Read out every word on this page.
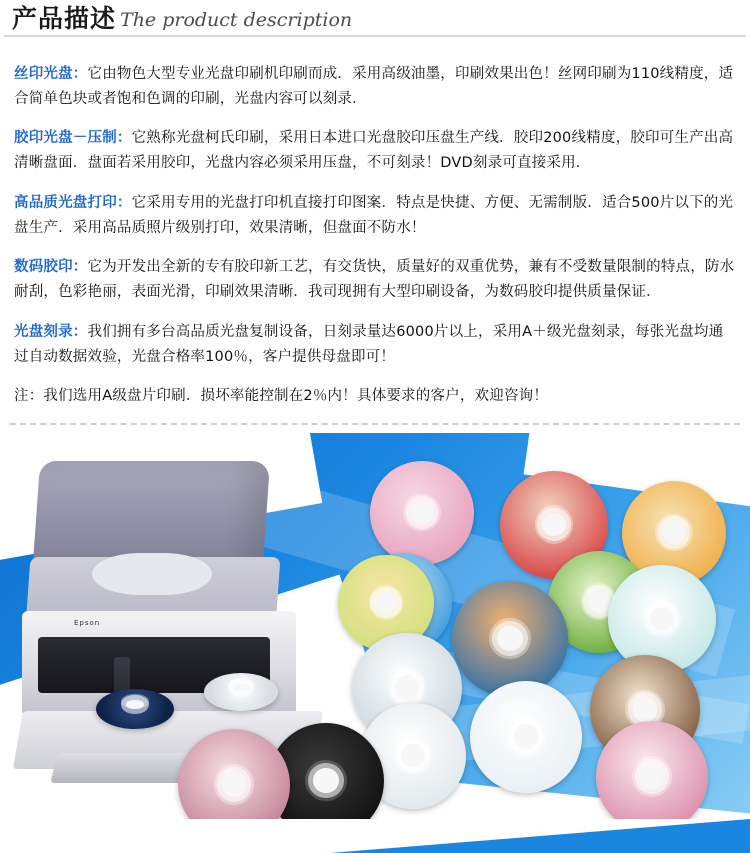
产品描述 The product description

丝印光盘：它由物色大型专业光盘印刷机印刷而成．采用高级油墨，印刷效果出色！丝网印刷为110线精度，适合简单色块或者饱和色调的印刷，光盘内容可以刻录．

胶印光盘－压制：它熟称光盘柯氏印刷，采用日本进口光盘胶印压盘生产线．胶印200线精度，胶印可生产出高清晰盘面．盘面若采用胶印，光盘内容必须采用压盘，不可刻录！DVD刻录可直接采用．

高品质光盘打印：它采用专用的光盘打印机直接打印图案．特点是快捷、方便、无需制版．适合500片以下的光盘生产．采用高品质照片级别打印，效果清晰，但盘面不防水！

数码胶印：它为开发出全新的专有胶印新工艺，有交货快，质量好的双重优势，兼有不受数量限制的特点，防水耐刮，色彩艳丽，表面光滑，印刷效果清晰．我司现拥有大型印刷设备，为数码胶印提供质量保证．

光盘刻录：我们拥有多台高品质光盘复制设备，日刻录量达6000片以上，采用A＋级光盘刻录，每张光盘均通过自动数据效验，光盘合格率100％，客户提供母盘即可！

注：我们选用A级盘片印刷．损坏率能控制在2％内！具体要求的客户，欢迎咨询！

Epson
